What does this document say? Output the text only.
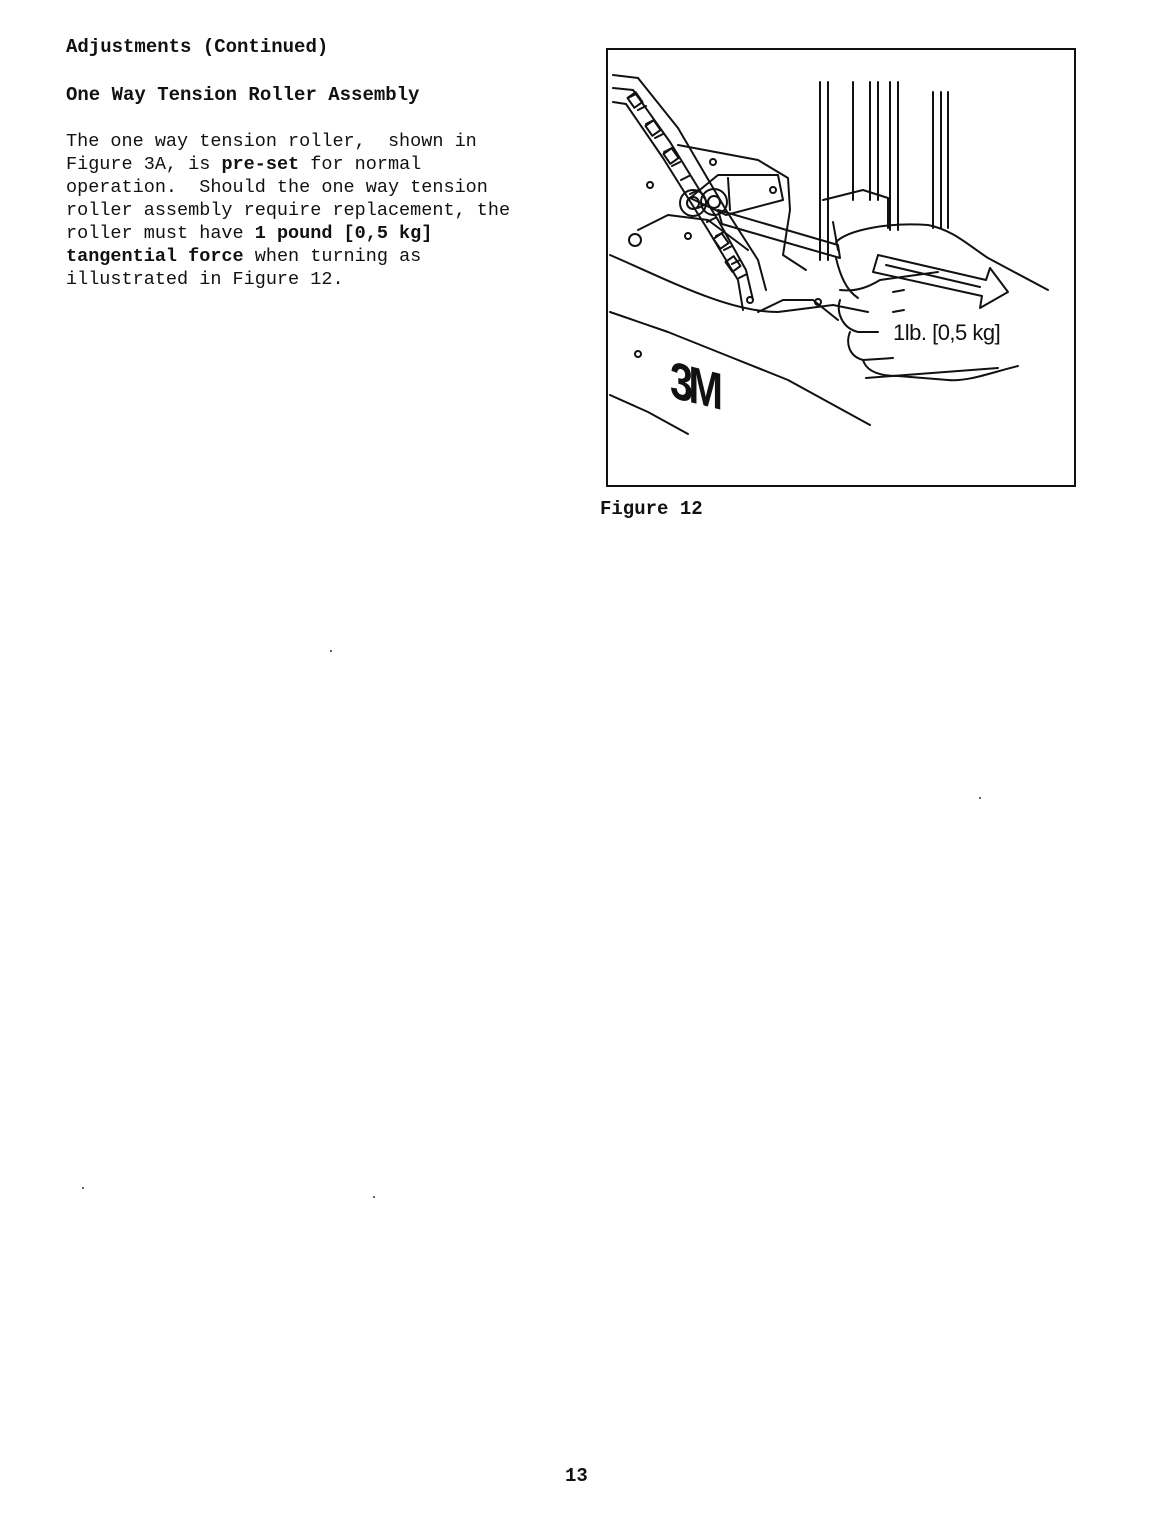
Adjustments (Continued)
One Way Tension Roller Assembly

The one way tension roller,  shown in
Figure 3A, is pre-set for normal
operation.  Should the one way tension
roller assembly require replacement, the
roller must have 1 pound [0,5 kg]
tangential force when turning as
illustrated in Figure 12.

1lb. [0,5 kg]
3M

Figure 12

13
